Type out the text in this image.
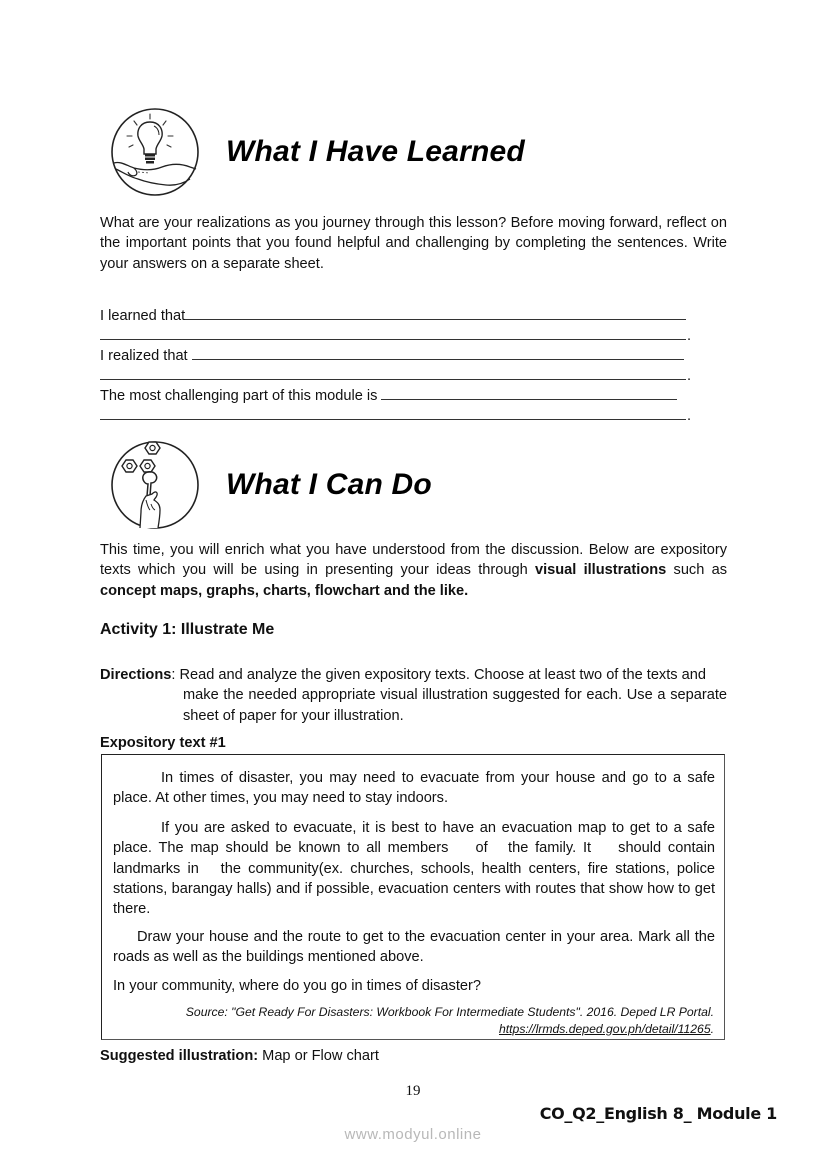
What I Have Learned
What are your realizations as you journey through this lesson? Before moving forward, reflect on the important points that you found helpful and challenging by completing the sentences. Write your answers on a separate sheet.
I learned that
.
I realized that
.
The most challenging part of this module is
.
What I Can Do
This time, you will enrich what you have understood from the discussion. Below are expository texts which you will be using in presenting your ideas through visual illustrations such as concept maps, graphs, charts, flowchart and the like.
Activity 1: Illustrate Me
Directions: Read and analyze the given expository texts. Choose at least two of the texts and
make the needed appropriate visual illustration suggested for each. Use a separate sheet of paper for your illustration.
Expository text #1
In times of disaster, you may need to evacuate from your house and go to a safe place. At other times, you may need to stay indoors.
If you are asked to evacuate, it is best to have an evacuation map to get to a safe place. The map should be known to all members    of   the family. It    should contain landmarks in   the community(ex. churches, schools, health centers, fire stations, police stations, barangay halls) and if possible, evacuation centers with routes that show how to get there.
Draw your house and the route to get to the evacuation center in your area. Mark all the roads as well as the buildings mentioned above.
In your community, where do you go in times of disaster?
Source: "Get Ready For Disasters: Workbook For Intermediate Students". 2016. Deped LR Portal.
https://lrmds.deped.gov.ph/detail/11265.
Suggested illustration: Map or Flow chart
19
CO_Q2_English 8_ Module 1
www.modyul.online
